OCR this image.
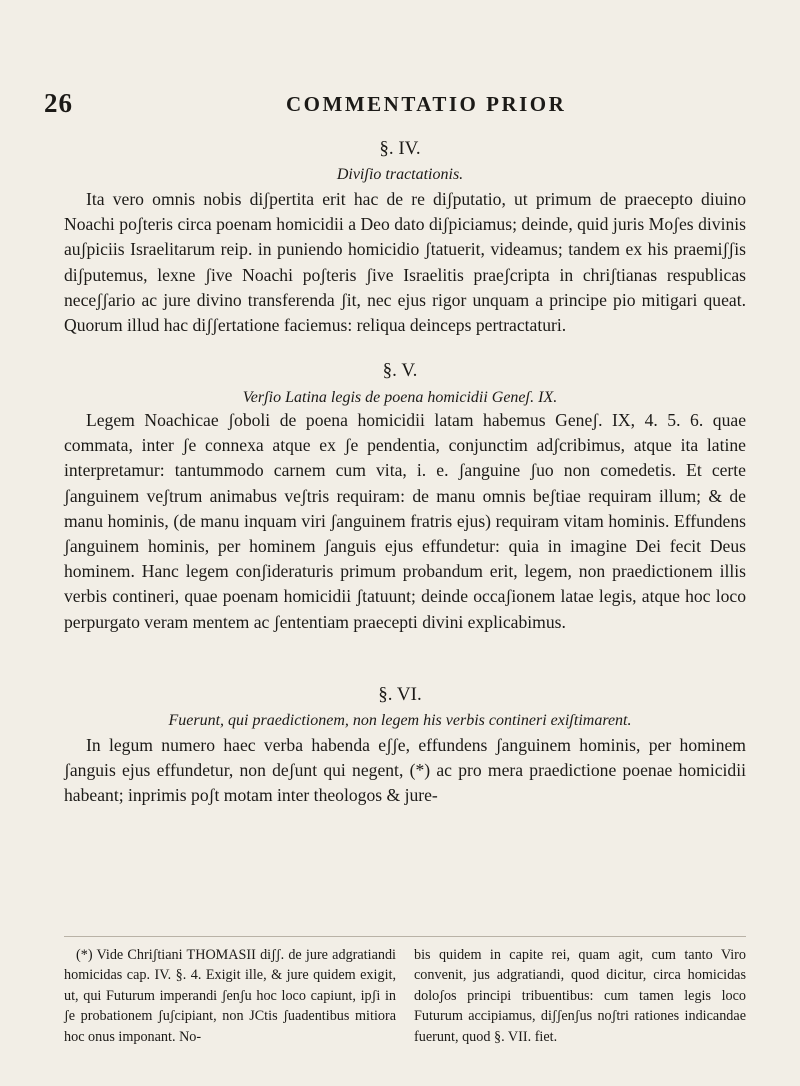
26	COMMENTATIO PRIOR
§. IV.
Diviʃio tractationis.

Ita vero omnis nobis diʃpertita erit hac de re diʃputatio, ut primum de praecepto diuino Noachi poʃteris circa poenam homicidii a Deo dato diʃpiciamus; deinde, quid juris Moʃes divinis auʃpiciis Israelitarum reip. in puniendo homicidio ʃtatuerit, videamus; tandem ex his praemiʃʃis diʃputemus, lexne ʃive Noachi poʃteris ʃive Israelitis praeʃcripta in chriʃtianas respublicas neceʃʃario ac jure divino transferenda ʃit, nec ejus rigor unquam a principe pio mitigari queat. Quorum illud hac diʃʃertatione faciemus: reliqua deinceps pertractaturi.

§. V.
Verʃio Latina legis de poena homicidii Geneʃ. IX.

Legem Noachicae ʃoboli de poena homicidii latam habemus Geneʃ. IX, 4. 5. 6. quae commata, inter ʃe connexa atque ex ʃe pendentia, conjunctim adʃcribimus, atque ita latine interpretamur: tantummodo carnem cum vita, i. e. ʃanguine ʃuo non comedetis. Et certe ʃanguinem veʃtrum animabus veʃtris requiram: de manu omnis beʃtiae requiram illum; & de manu hominis, (de manu inquam viri ʃanguinem fratris ejus) requiram vitam hominis. Effundens ʃanguinem hominis, per hominem ʃanguis ejus effundetur: quia in imagine Dei fecit Deus hominem. Hanc legem conʃideraturis primum probandum erit, legem, non praedictionem illis verbis contineri, quae poenam homicidii ʃtatuunt; deinde occaʃionem latae legis, atque hoc loco perpurgato veram mentem ac ʃententiam praecepti divini explicabimus.

§. VI.
Fuerunt, qui praedictionem, non legem his verbis contineri exiʃtimarent.

In legum numero haec verba habenda eʃʃe, effundens ʃanguinem hominis, per hominem ʃanguis ejus effundetur, non deʃunt qui negent, (*) ac pro mera praedictione poenae homicidii habeant; inprimis poʃt motam inter theologos & jure-

(*) Vide Chriʃtiani THOMASII diʃʃ. de jure adgratiandi homicidas cap. IV. §. 4. Exigit ille, & jure quidem exigit, ut, qui Futurum imperandi ʃenʃu hoc loco capiunt, ipʃi in ʃe probationem ʃuʃcipiant, non JCtis ʃuadentibus mitiora hoc onus imponant. No-

bis quidem in capite rei, quam agit, cum tanto Viro convenit, jus adgratiandi, quod dicitur, circa homicidas doloʃos principi tribuentibus: cum tamen legis loco Futurum accipiamus, diʃʃenʃus noʃtri rationes indicandae fuerunt, quod §. VII. fiet.
